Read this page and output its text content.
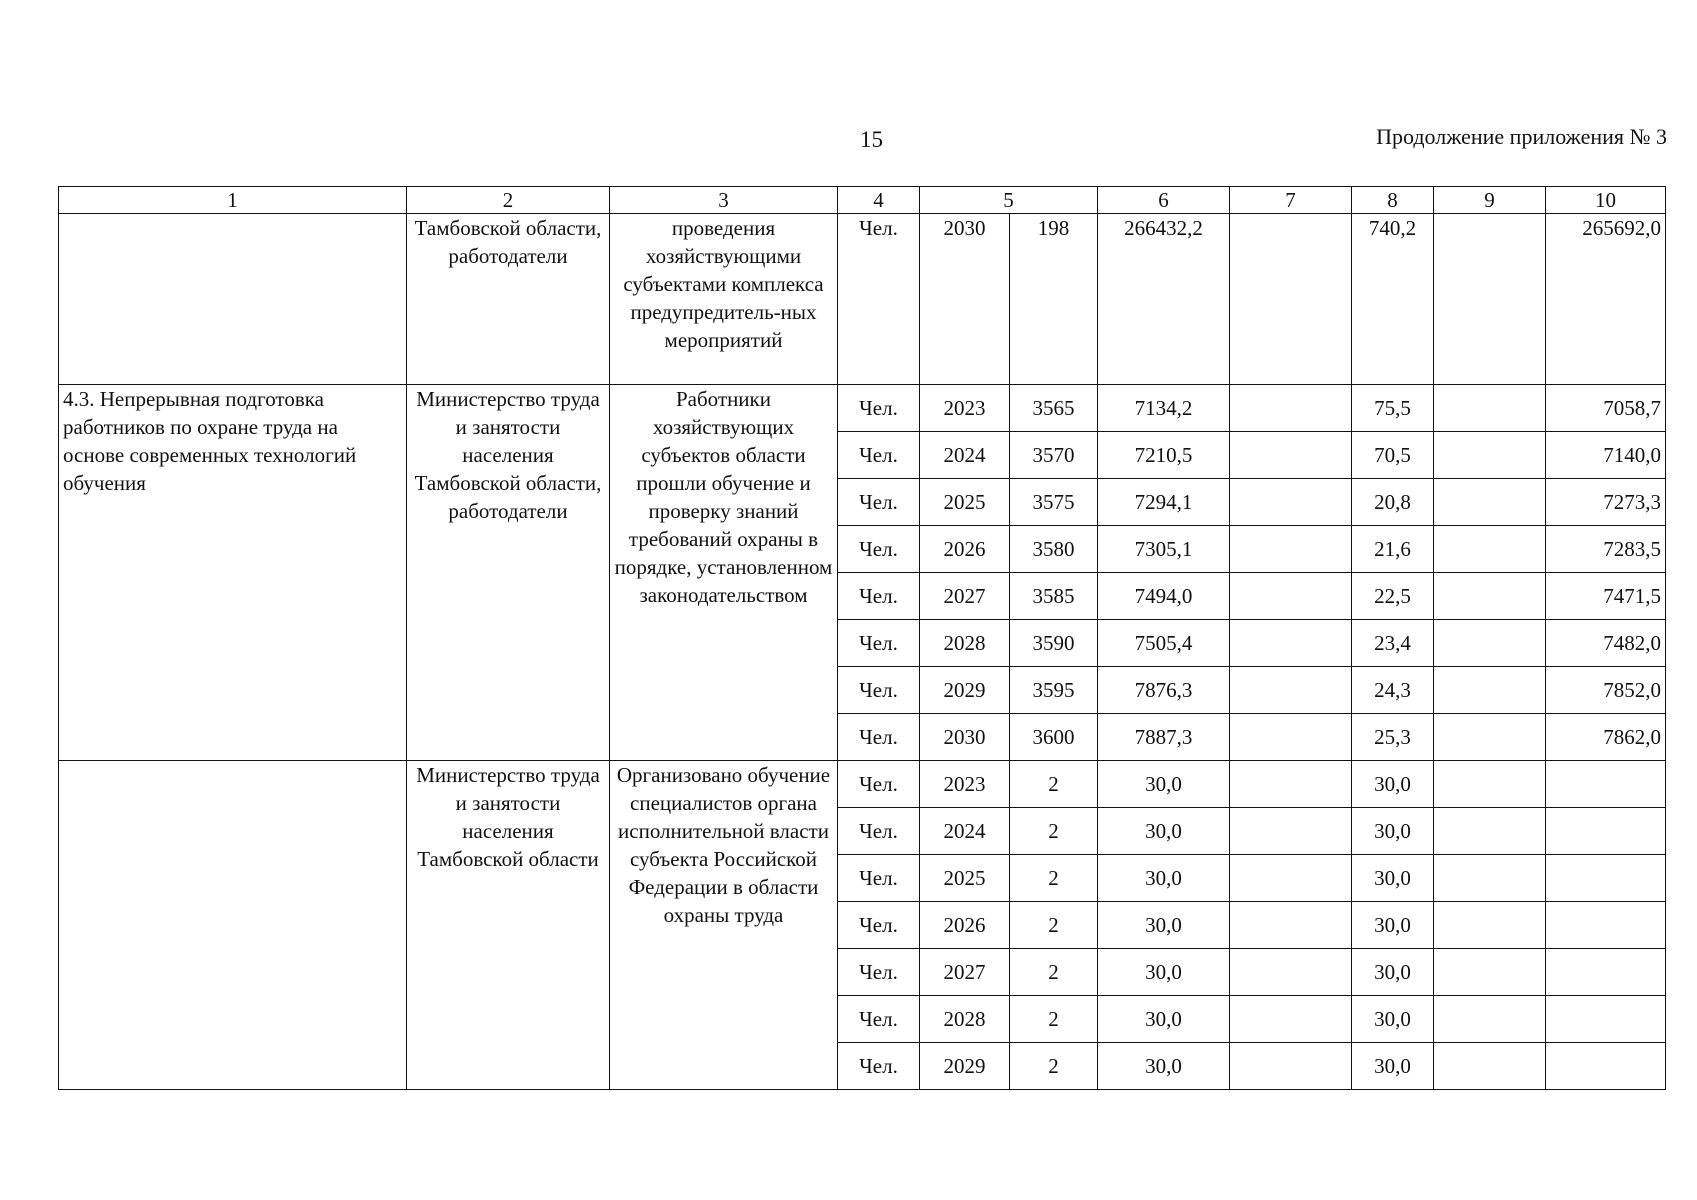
15	Продолжение приложения № 3
1	2	3	4	5		6	7	8	9	10
	Тамбовской области, работодатели	проведения хозяйствующими субъектами комплекса предупредитель-ных мероприятий	Чел.	2030	198	266432,2		740,2		265692,0
4.3. Непрерывная подготовка работников по охране труда на основе современных технологий обучения	Министерство труда и занятости населения Тамбовской области, работодатели	Работники хозяйствующих субъектов области прошли обучение и проверку знаний требований охраны в порядке, установленном законодательством	Чел.	2023	3565	7134,2		75,5		7058,7
			Чел.	2024	3570	7210,5		70,5		7140,0
			Чел.	2025	3575	7294,1		20,8		7273,3
			Чел.	2026	3580	7305,1		21,6		7283,5
			Чел.	2027	3585	7494,0		22,5		7471,5
			Чел.	2028	3590	7505,4		23,4		7482,0
			Чел.	2029	3595	7876,3		24,3		7852,0
			Чел.	2030	3600	7887,3		25,3		7862,0
	Министерство труда и занятости населения Тамбовской области	Организовано обучение специалистов органа исполнительной власти субъекта Российской Федерации в области охраны труда	Чел.	2023	2	30,0		30,0		
			Чел.	2024	2	30,0		30,0		
			Чел.	2025	2	30,0		30,0		
			Чел.	2026	2	30,0		30,0		
			Чел.	2027	2	30,0		30,0		
			Чел.	2028	2	30,0		30,0		
			Чел.	2029	2	30,0		30,0		
